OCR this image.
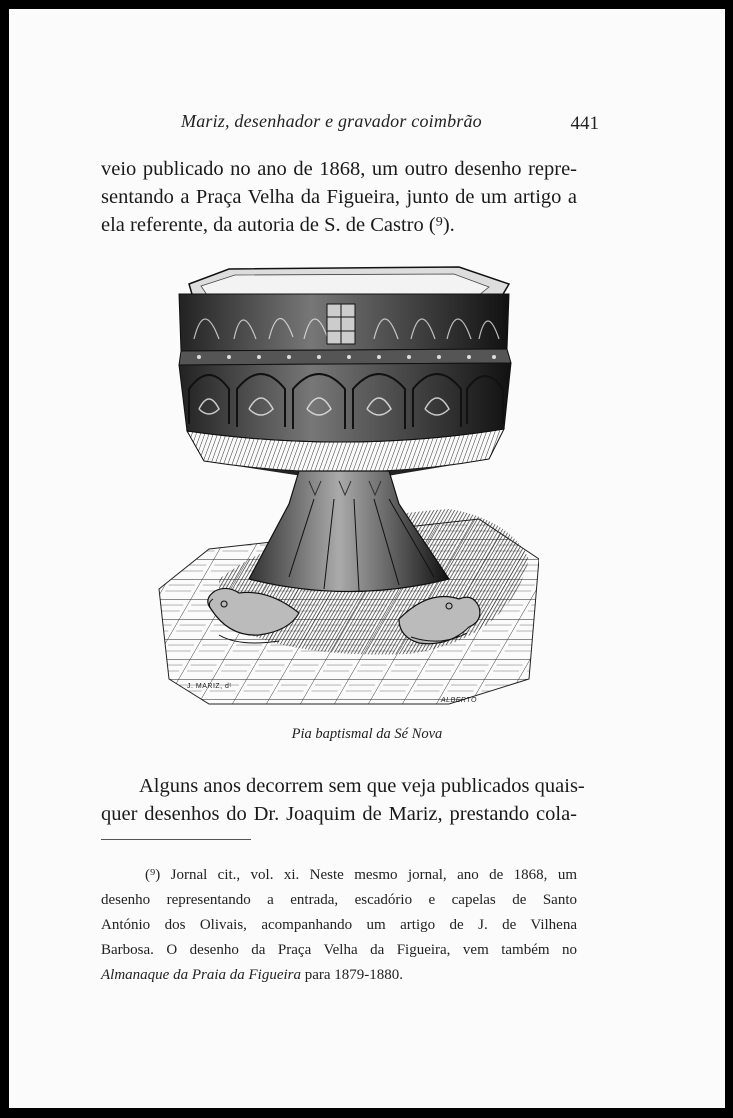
Mariz, desenhador e gravador coimbrão	441
veio publicado no ano de 1868, um outro desenho repre-
sentando a Praça Velha da Figueira, junto de um artigo a
ela referente, da autoria de S. de Castro (⁹).
J. MARIZ, dᵗ
ALBERTO
Pia baptismal da Sé Nova
Alguns anos decorrem sem que veja publicados quais-
quer desenhos do Dr. Joaquim de Mariz, prestando cola-
(⁹) Jornal cit., vol. xi. Neste mesmo jornal, ano de 1868, um
desenho representando a entrada, escadório e capelas de Santo
António dos Olivais, acompanhando um artigo de J. de Vilhena
Barbosa. O desenho da Praça Velha da Figueira, vem também no
Almanaque da Praia da Figueira para 1879-1880.
